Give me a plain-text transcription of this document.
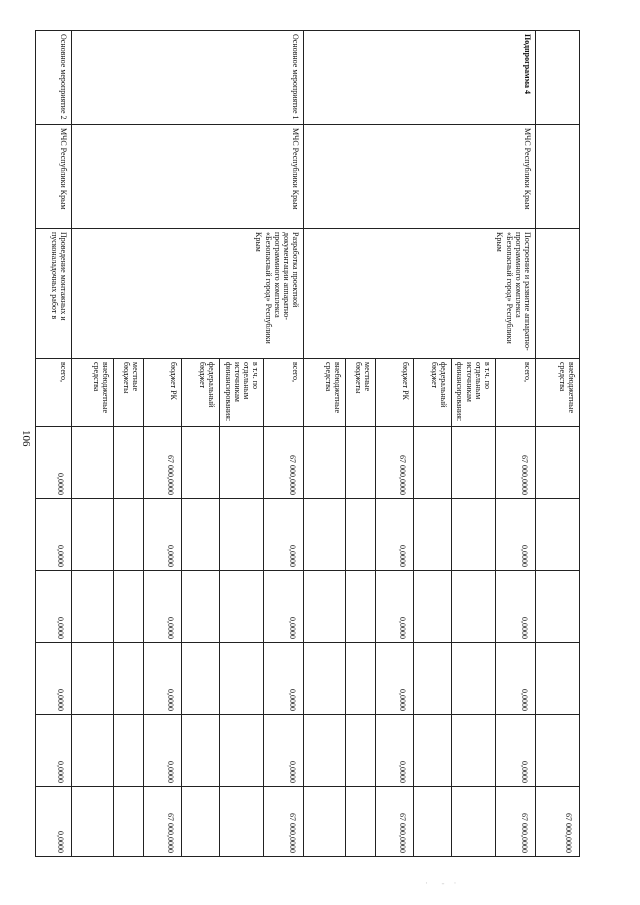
106
			внебюджетные средства						67 000,0000
Подпрограмма 4	МЧС Республики Крым	Построение и развитие аппаратно-программного комплекса «Безопасный город» Республики Крым	всего,	67 000,0000	0,0000	0,0000	0,0000	0,0000	67 000,0000
			в т.ч. по отдельным источникам финансирования:						
			федеральный бюджет						
			бюджет РК	67 000,0000	0,0000	0,0000	0,0000	0,0000	67 000,0000
			местные бюджеты						
			внебюджетные средства						
Основное мероприятие 1	МЧС Республики Крым	Разработка проектной документации аппаратно-программного комплекса «Безопасный город» Республики Крым	всего,	67 000,0000	0,0000	0,0000	0,0000	0,0000	67 000,0000
			в т.ч. по отдельным источникам финансирования:						
			федеральный бюджет						
			бюджет РК	67 000,0000	0,0000	0,0000	0,0000	0,0000	67 000,0000
			местные бюджеты						
			внебюджетные средства						
Основное мероприятие 2	МЧС Республики Крым	Проведение монтажных и пусконаладочных работ в	всего,	0,0000	0,0000	0,0000	0,0000	0,0000	0,0000
·      -    ·
